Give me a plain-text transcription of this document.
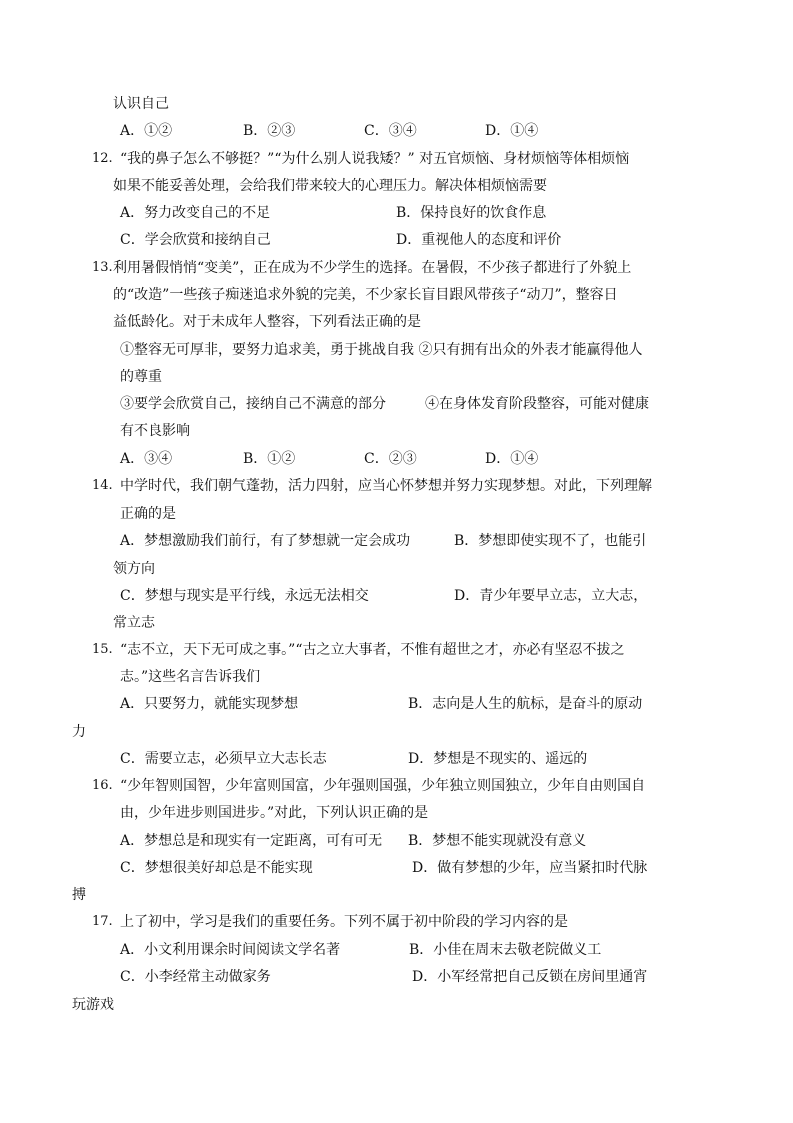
认识自己
A．①②	B．②③	C．③④	D．①④
12. “我的鼻子怎么不够挺？”“为什么别人说我矮？” 对五官烦恼、身材烦恼等体相烦恼
如果不能妥善处理，会给我们带来较大的心理压力。解决体相烦恼需要
A．努力改变自己的不足	B．保持良好的饮食作息
C．学会欣赏和接纳自己	D．重视他人的态度和评价
13. 利用暑假悄悄“变美”，正在成为不少学生的选择。在暑假，不少孩子都进行了外貌上
的“改造”一些孩子痴迷追求外貌的完美，不少家长盲目跟风带孩子“动刀”，整容日
益低龄化。对于未成年人整容，下列看法正确的是
①整容无可厚非，要努力追求美，勇于挑战自我 ②只有拥有出众的外表才能赢得他人
的尊重
③要学会欣赏自己，接纳自己不满意的部分	④在身体发育阶段整容，可能对健康
有不良影响
A．③④	B．①②	C．②③	D．①④
14. 中学时代，我们朝气蓬勃，活力四射，应当心怀梦想并努力实现梦想。对此，下列理解
正确的是
A．梦想激励我们前行，有了梦想就一定会成功	B．梦想即使实现不了，也能引
领方向
C．梦想与现实是平行线，永远无法相交	D．青少年要早立志，立大志，
常立志
15. “志不立，天下无可成之事。”“古之立大事者，不惟有超世之才，亦必有坚忍不拔之
志。”这些名言告诉我们
A．只要努力，就能实现梦想	B．志向是人生的航标，是奋斗的原动
力
C．需要立志，必须早立大志长志	D．梦想是不现实的、遥远的
16. “少年智则国智，少年富则国富，少年强则国强，少年独立则国独立，少年自由则国自
由，少年进步则国进步。”对此，下列认识正确的是
A．梦想总是和现实有一定距离，可有可无 B．梦想不能实现就没有意义
C．梦想很美好却总是不能实现	D．做有梦想的少年，应当紧扣时代脉
搏
17. 上了初中，学习是我们的重要任务。下列不属于初中阶段的学习内容的是
A．小文利用课余时间阅读文学名著	B．小佳在周末去敬老院做义工
C．小李经常主动做家务	D．小军经常把自己反锁在房间里通宵
玩游戏
